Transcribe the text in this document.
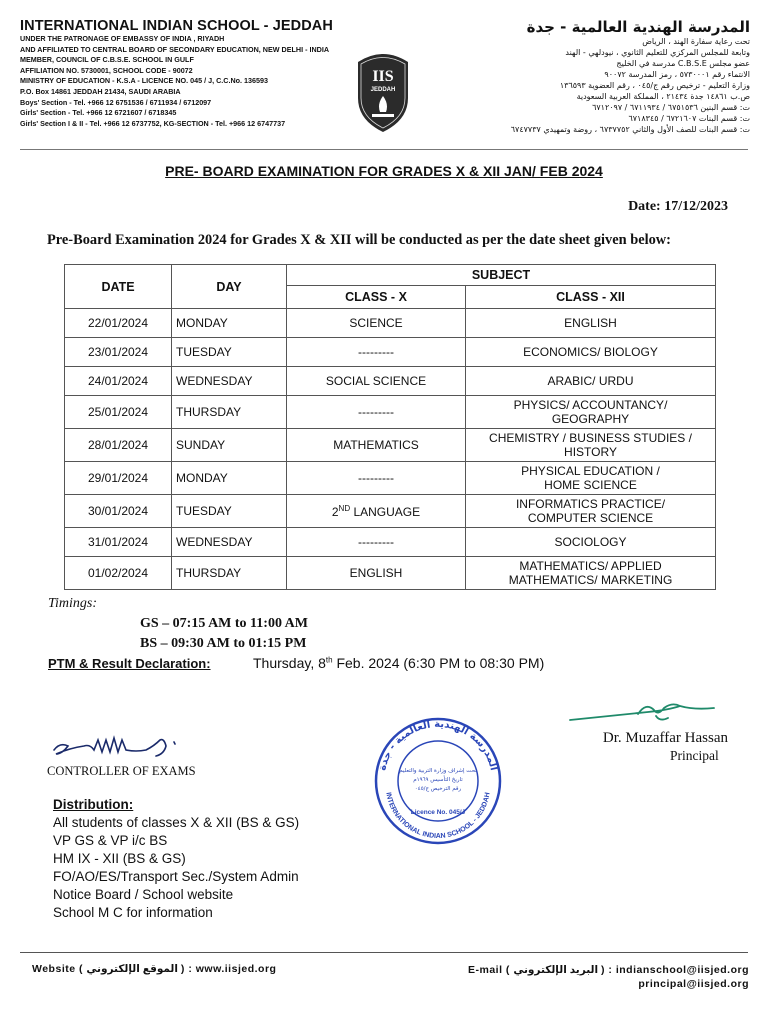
INTERNATIONAL INDIAN SCHOOL - JEDDAH
UNDER THE PATRONAGE OF EMBASSY OF INDIA , RIYADH
AND AFFILIATED TO CENTRAL BOARD OF SECONDARY EDUCATION, NEW DELHI - INDIA
MEMBER, COUNCIL OF C.B.S.E. SCHOOL IN GULF
AFFILIATION NO. 5730001, SCHOOL CODE - 90072
MINISTRY OF EDUCATION - K.S.A - LICENCE NO. 045 / J, C.C.No. 136593
P.O. Box 14861 JEDDAH 21434, SAUDI ARABIA
Boys' Section - Tel. +966 12 6751536 / 6711934 / 6712097
Girls' Section - Tel. +966 12 6721607 / 6718345
Girls' Section I & II - Tel. +966 12 6737752, KG-SECTION - Tel. +966 12 6747737
IIS
JEDDAH
المدرسة الهندية العالمية - جدة
تحت رعاية سفارة الهند ، الرياض
وتابعة للمجلس المركزي للتعليم الثانوي ، نيودلهي - الهند
عضو مجلس C.B.S.E مدرسة في الخليج
الانتماء رقم ٥٧٣٠٠٠١ ، رمز المدرسة ٩٠٠٧٢
وزارة التعليم - ترخيص رقم ج/٠٤٥ ، رقم العضوية ١٣٦٥٩٣
ص.ب ١٤٨٦١ جدة ٢١٤٣٤ ، المملكة العربية السعودية
ت: قسم البنين ٦٧٥١٥٣٦ / ٦٧١١٩٣٤ / ٦٧١٢٠٩٧
ت: قسم البنات ٦٧٢١٦٠٧ / ٦٧١٨٣٤٥
ت: قسم البنات للصف الأول والثاني ٦٧٣٧٧٥٢ ، روضة وتمهيدي ٦٧٤٧٧٣٧
PRE- BOARD EXAMINATION FOR GRADES X & XII JAN/ FEB 2024
Date: 17/12/2023
Pre-Board Examination 2024 for Grades X & XII will be conducted as per the date sheet given below:
DATE	DAY	SUBJECT	
		CLASS - X	CLASS - XII
22/01/2024	MONDAY	SCIENCE	ENGLISH

23/01/2024	TUESDAY	---------	ECONOMICS/ BIOLOGY

24/01/2024	WEDNESDAY	SOCIAL SCIENCE	ARABIC/ URDU

25/01/2024	THURSDAY	---------	PHYSICS/ ACCOUNTANCY/
GEOGRAPHY

28/01/2024	SUNDAY	MATHEMATICS	CHEMISTRY / BUSINESS STUDIES /
HISTORY

29/01/2024	MONDAY	---------	PHYSICAL EDUCATION /
HOME SCIENCE

30/01/2024	TUESDAY	2ND LANGUAGE	INFORMATICS PRACTICE/
COMPUTER SCIENCE

31/01/2024	WEDNESDAY	---------	SOCIOLOGY

01/02/2024	THURSDAY	ENGLISH	MATHEMATICS/ APPLIED
MATHEMATICS/ MARKETING
Timings:
GS – 07:15 AM to 11:00 AM
BS – 09:30 AM to 01:15 PM
PTM & Result Declaration:	Thursday, 8th Feb. 2024 (6:30 PM to 08:30 PM)
CONTROLLER OF EXAMS	المدرسة الهندية العالمية - جدة
INTERNATIONAL INDIAN SCHOOL - JEDDAH
تحت إشراف وزارة التربية والتعليم
تاريخ التأسيس ١٩٦٩م
رقم الترخيص ج/٠٤٥
Licence No. 045/J
Dr. Muzaffar Hassan
Principal
Distribution:
All students of classes X & XII (BS & GS)
VP GS & VP i/c BS
HM IX - XII (BS & GS)
FO/AO/ES/Transport Sec./System Admin
Notice Board / School website
School M C for information
Website ( الموقع الإلكتروني ) : www.iisjed.org	E-mail ( البريد الإلكتروني ) : indianschool@iisjed.org
principal@iisjed.org
